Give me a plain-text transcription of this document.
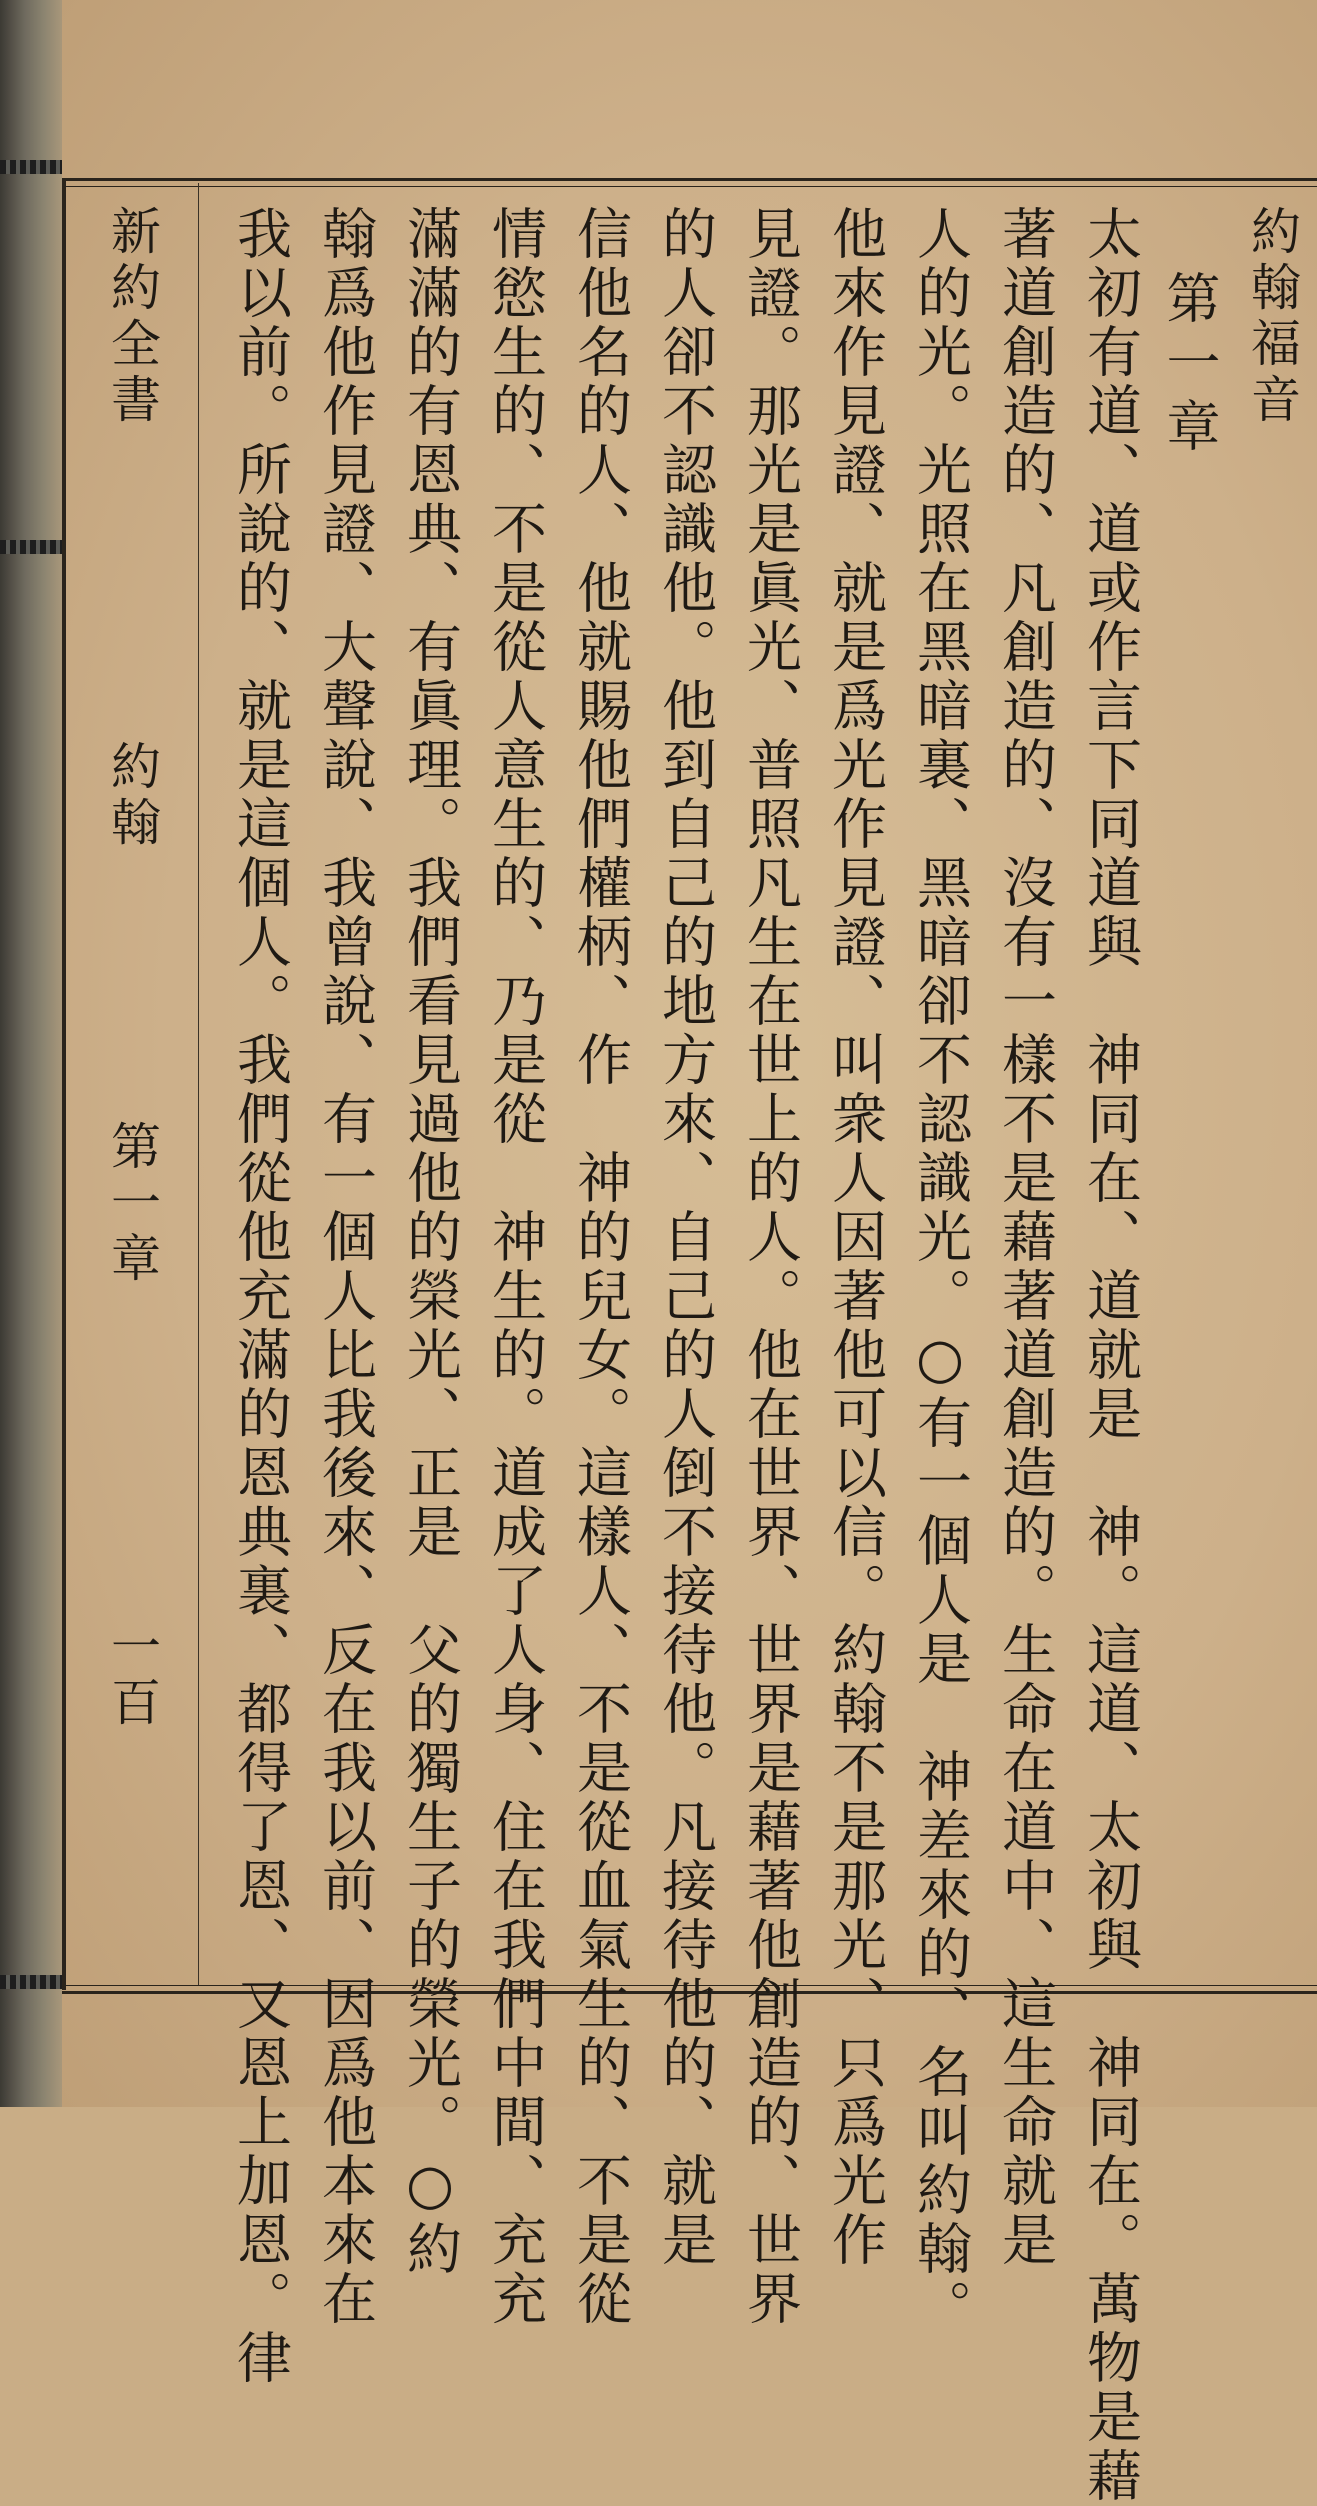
約翰福音
第一章
太初有道、道或作言下同道與　神同在、道就是　神。這道、太初與　神同在。萬物是藉
著道創造的、凡創造的、沒有一樣不是藉著道創造的。生命在道中、這生命就是
人的光。光照在黑暗裏、黑暗卻不認識光。○有一個人是　神差來的、名叫約翰。
他來作見證、就是爲光作見證、叫衆人因著他可以信。約翰不是那光、只爲光作
見證。那光是眞光、普照凡生在世上的人。他在世界、世界是藉著他創造的、世界
的人卻不認識他。他到自己的地方來、自己的人倒不接待他。凡接待他的、就是
信他名的人、他就賜他們權柄、作　神的兒女。這樣人、不是從血氣生的、不是從
情慾生的、不是從人意生的、乃是從　神生的。道成了人身、住在我們中間、充充
滿滿的有恩典、有眞理。我們看見過他的榮光、正是　父的獨生子的榮光。○約
翰爲他作見證、大聲說、我曾說、有一個人比我後來、反在我以前、因爲他本來在
我以前。所說的、就是這個人。我們從他充滿的恩典裏、都得了恩、又恩上加恩。律
新約全書
約翰
第一章
一百
